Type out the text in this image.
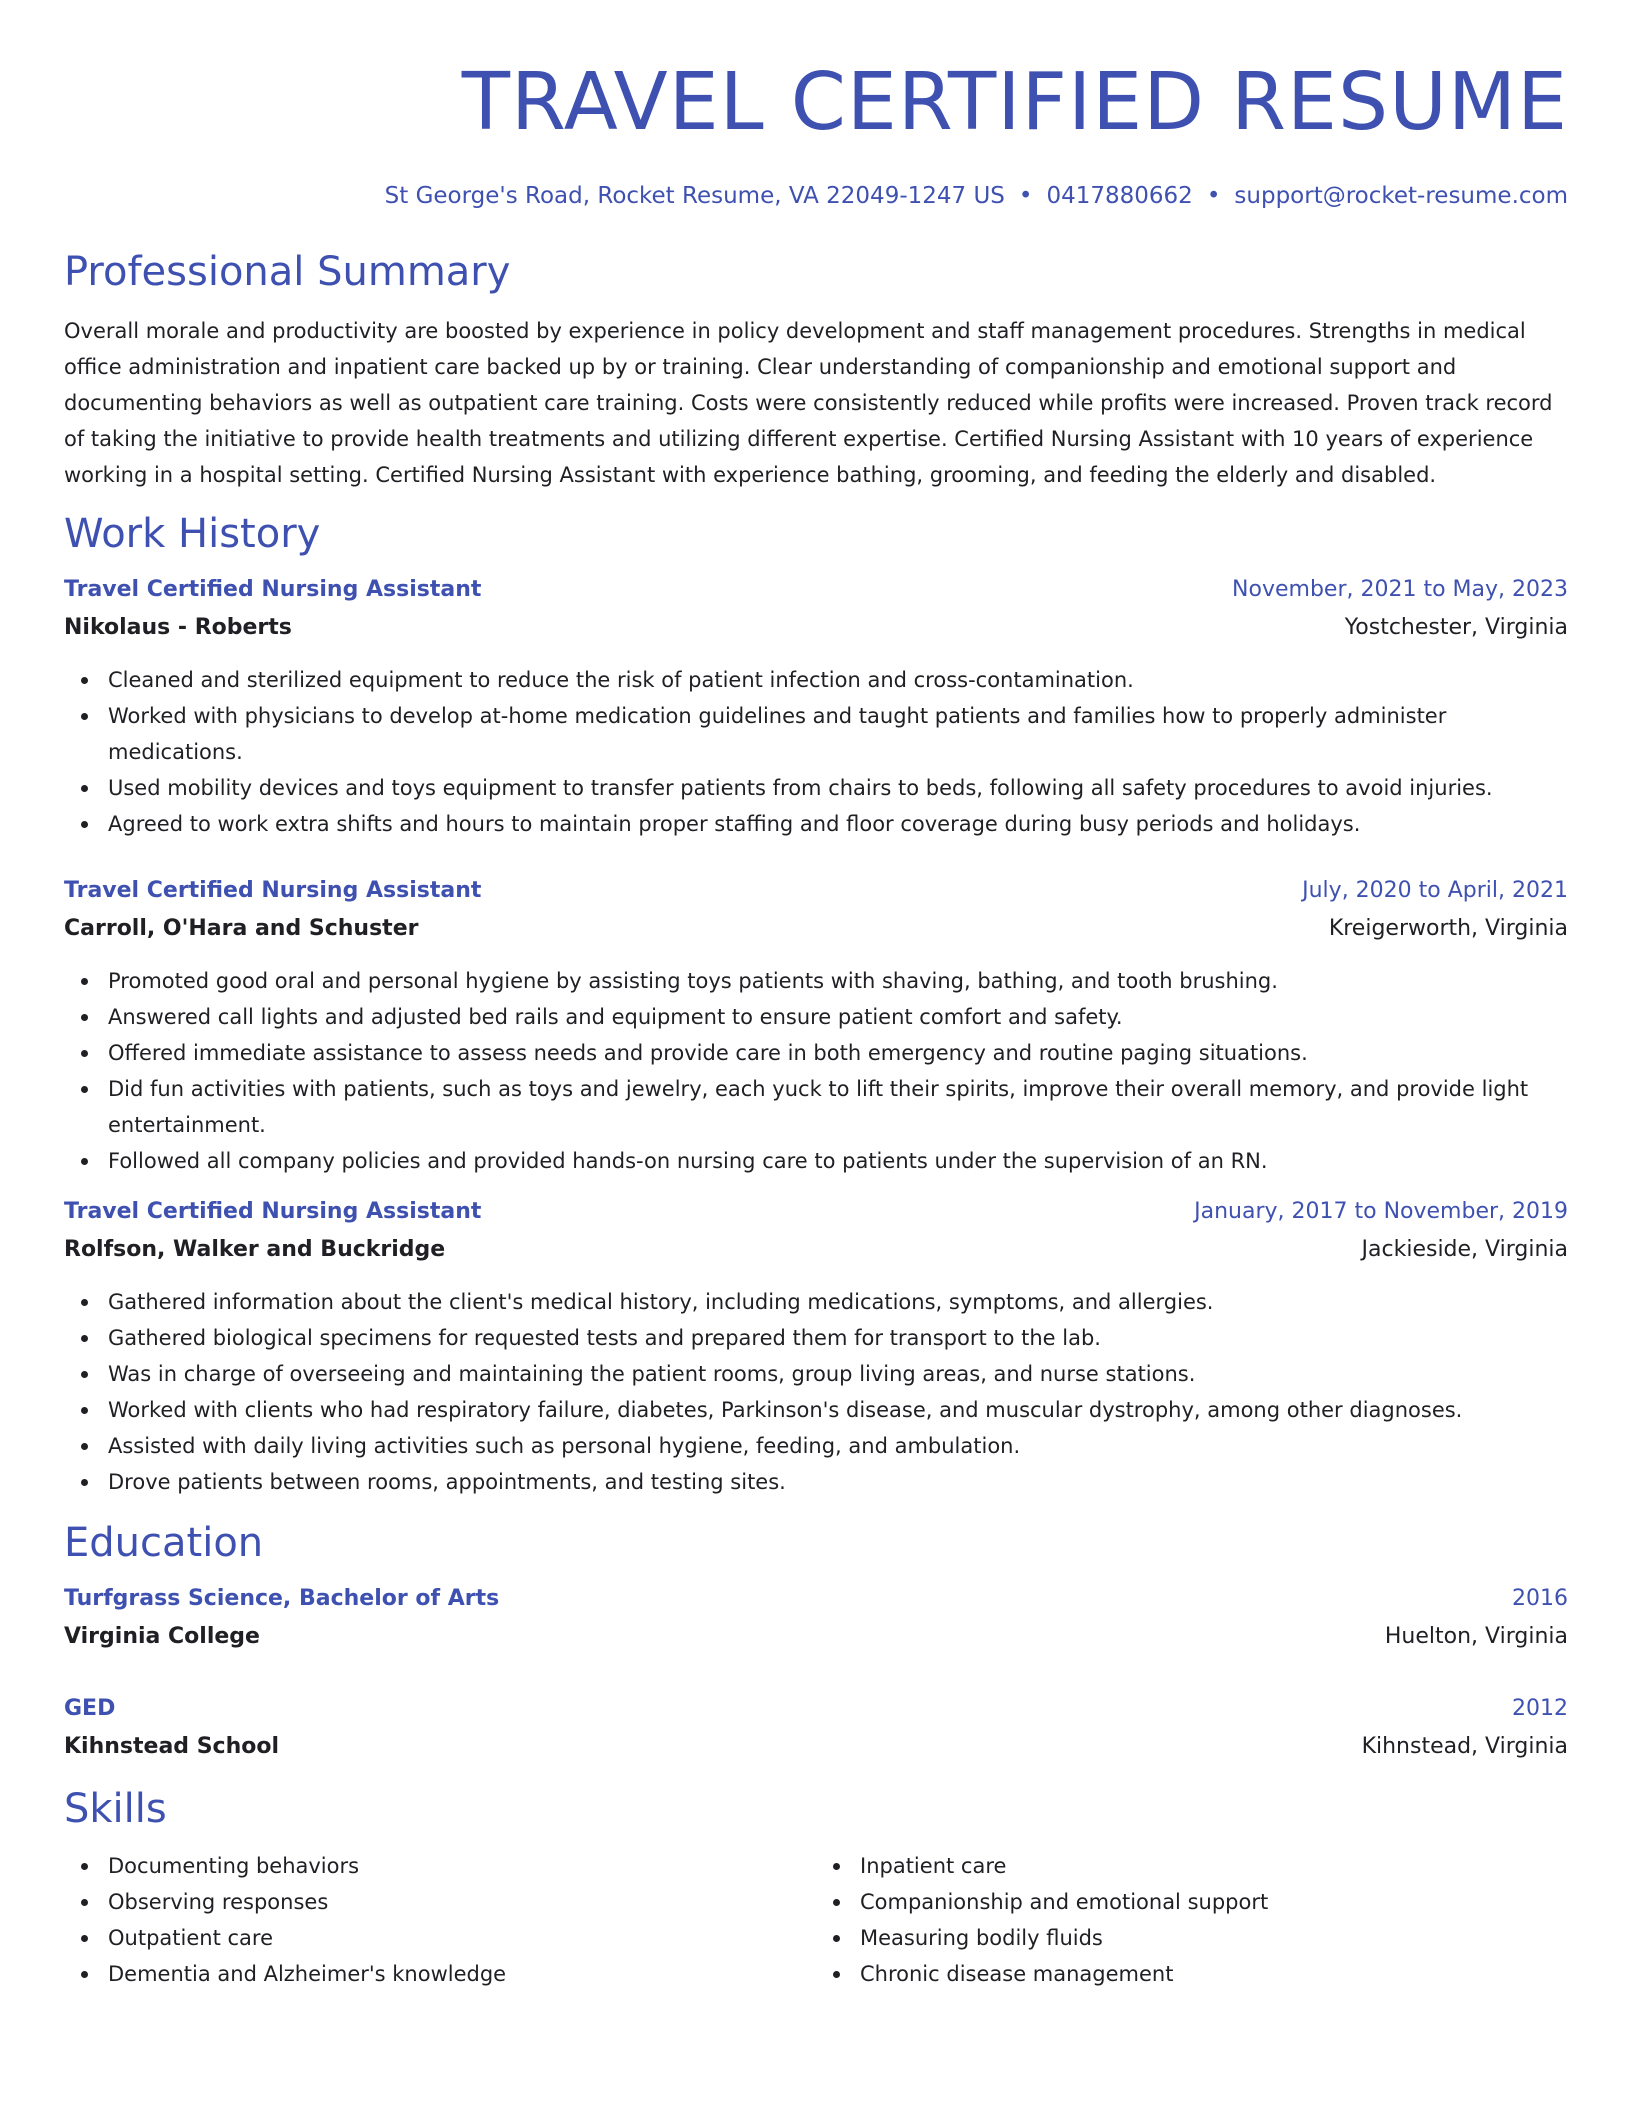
TRAVEL CERTIFIED RESUME
St George's Road, Rocket Resume, VA 22049-1247 US • 0417880662 • support@rocket-resume.com
Professional Summary

Overall morale and productivity are boosted by experience in policy development and staff management procedures. Strengths in medical office administration and inpatient care backed up by or training. Clear understanding of companionship and emotional support and documenting behaviors as well as outpatient care training. Costs were consistently reduced while profits were increased. Proven track record of taking the initiative to provide health treatments and utilizing different expertise. Certified Nursing Assistant with 10 years of experience working in a hospital setting. Certified Nursing Assistant with experience bathing, grooming, and feeding the elderly and disabled.

Work History
Travel Certified Nursing Assistant	November, 2021 to May, 2023
Nikolaus - Roberts	Yostchester, Virginia
Cleaned and sterilized equipment to reduce the risk of patient infection and cross-contamination.
Worked with physicians to develop at-home medication guidelines and taught patients and families how to properly administer medications.
Used mobility devices and toys equipment to transfer patients from chairs to beds, following all safety procedures to avoid injuries.
Agreed to work extra shifts and hours to maintain proper staffing and floor coverage during busy periods and holidays.
Travel Certified Nursing Assistant	July, 2020 to April, 2021
Carroll, O'Hara and Schuster	Kreigerworth, Virginia
Promoted good oral and personal hygiene by assisting toys patients with shaving, bathing, and tooth brushing.
Answered call lights and adjusted bed rails and equipment to ensure patient comfort and safety.
Offered immediate assistance to assess needs and provide care in both emergency and routine paging situations.
Did fun activities with patients, such as toys and jewelry, each yuck to lift their spirits, improve their overall memory, and provide light entertainment.
Followed all company policies and provided hands-on nursing care to patients under the supervision of an RN.
Travel Certified Nursing Assistant	January, 2017 to November, 2019
Rolfson, Walker and Buckridge	Jackieside, Virginia
Gathered information about the client's medical history, including medications, symptoms, and allergies.
Gathered biological specimens for requested tests and prepared them for transport to the lab.
Was in charge of overseeing and maintaining the patient rooms, group living areas, and nurse stations.
Worked with clients who had respiratory failure, diabetes, Parkinson's disease, and muscular dystrophy, among other diagnoses.
Assisted with daily living activities such as personal hygiene, feeding, and ambulation.
Drove patients between rooms, appointments, and testing sites.
Education
Turfgrass Science, Bachelor of Arts	2016
Virginia College	Huelton, Virginia
GED	2012
Kihnstead School	Kihnstead, Virginia
Skills
Documenting behaviors
Observing responses
Outpatient care
Dementia and Alzheimer's knowledge
Inpatient care
Companionship and emotional support
Measuring bodily fluids
Chronic disease management
